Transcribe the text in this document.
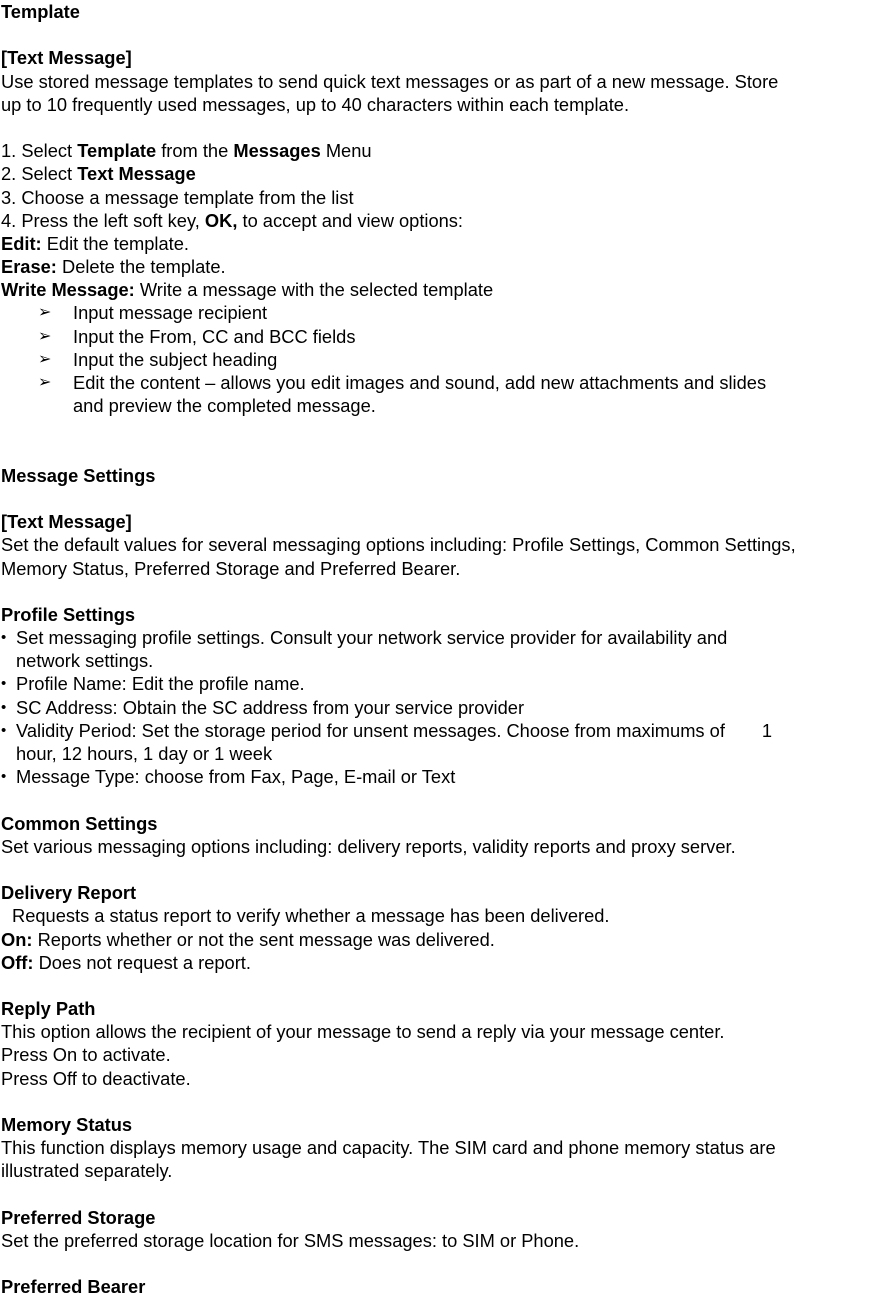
Template
[Text Message]
Use stored message templates to send quick text messages or as part of a new message. Store
up to 10 frequently used messages, up to 40 characters within each template.
1. Select Template from the Messages Menu
2. Select Text Message
3. Choose a message template from the list
4. Press the left soft key, OK, to accept and view options:
Edit: Edit the template.
Erase: Delete the template.
Write Message: Write a message with the selected template
➢ Input message recipient
➢ Input the From, CC and BCC fields
➢ Input the subject heading
➢ Edit the content – allows you edit images and sound, add new attachments and slides
and preview the completed message.
Message Settings
[Text Message]
Set the default values for several messaging options including: Profile Settings, Common Settings,
Memory Status, Preferred Storage and Preferred Bearer.
Profile Settings
• Set messaging profile settings. Consult your network service provider for availability and
network settings.
• Profile Name: Edit the profile name.
• SC Address: Obtain the SC address from your service provider
• Validity Period: Set the storage period for unsent messages. Choose from maximums of 1
hour, 12 hours, 1 day or 1 week
• Message Type: choose from Fax, Page, E-mail or Text
Common Settings
Set various messaging options including: delivery reports, validity reports and proxy server.
Delivery Report
Requests a status report to verify whether a message has been delivered.
On: Reports whether or not the sent message was delivered.
Off: Does not request a report.
Reply Path
This option allows the recipient of your message to send a reply via your message center.
Press On to activate.
Press Off to deactivate.
Memory Status
This function displays memory usage and capacity. The SIM card and phone memory status are
illustrated separately.
Preferred Storage
Set the preferred storage location for SMS messages: to SIM or Phone.
Preferred Bearer
